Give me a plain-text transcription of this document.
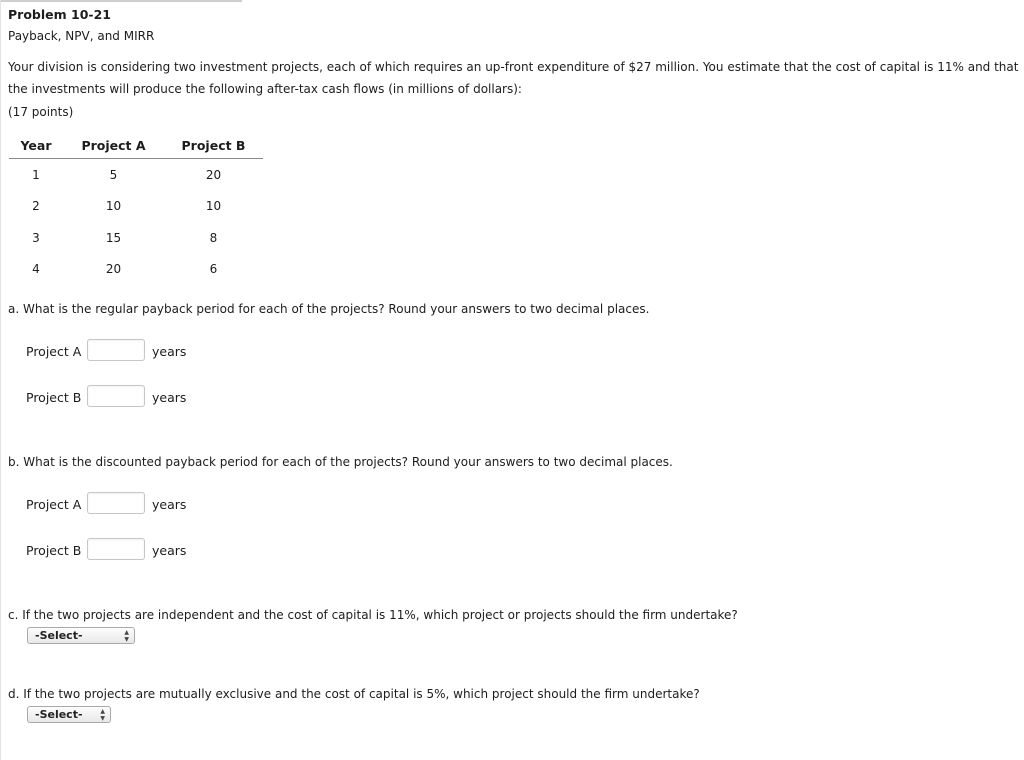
Problem 10-21
Payback, NPV, and MIRR
Your division is considering two investment projects, each of which requires an up-front expenditure of $27 million. You estimate that the cost of capital is 11% and that the investments will produce the following after-tax cash flows (in millions of dollars):
(17 points)
Year	Project A	Project B
1	5	20
2	10	10
3	15	8
4	20	6
a. What is the regular payback period for each of the projects? Round your answers to two decimal places.
Project A	years
Project B	years
b. What is the discounted payback period for each of the projects? Round your answers to two decimal places.
Project A	years
Project B	years
c. If the two projects are independent and the cost of capital is 11%, which project or projects should the firm undertake?
-Select-	▲
▼
d. If the two projects are mutually exclusive and the cost of capital is 5%, which project should the firm undertake?
-Select-	▲
▼
